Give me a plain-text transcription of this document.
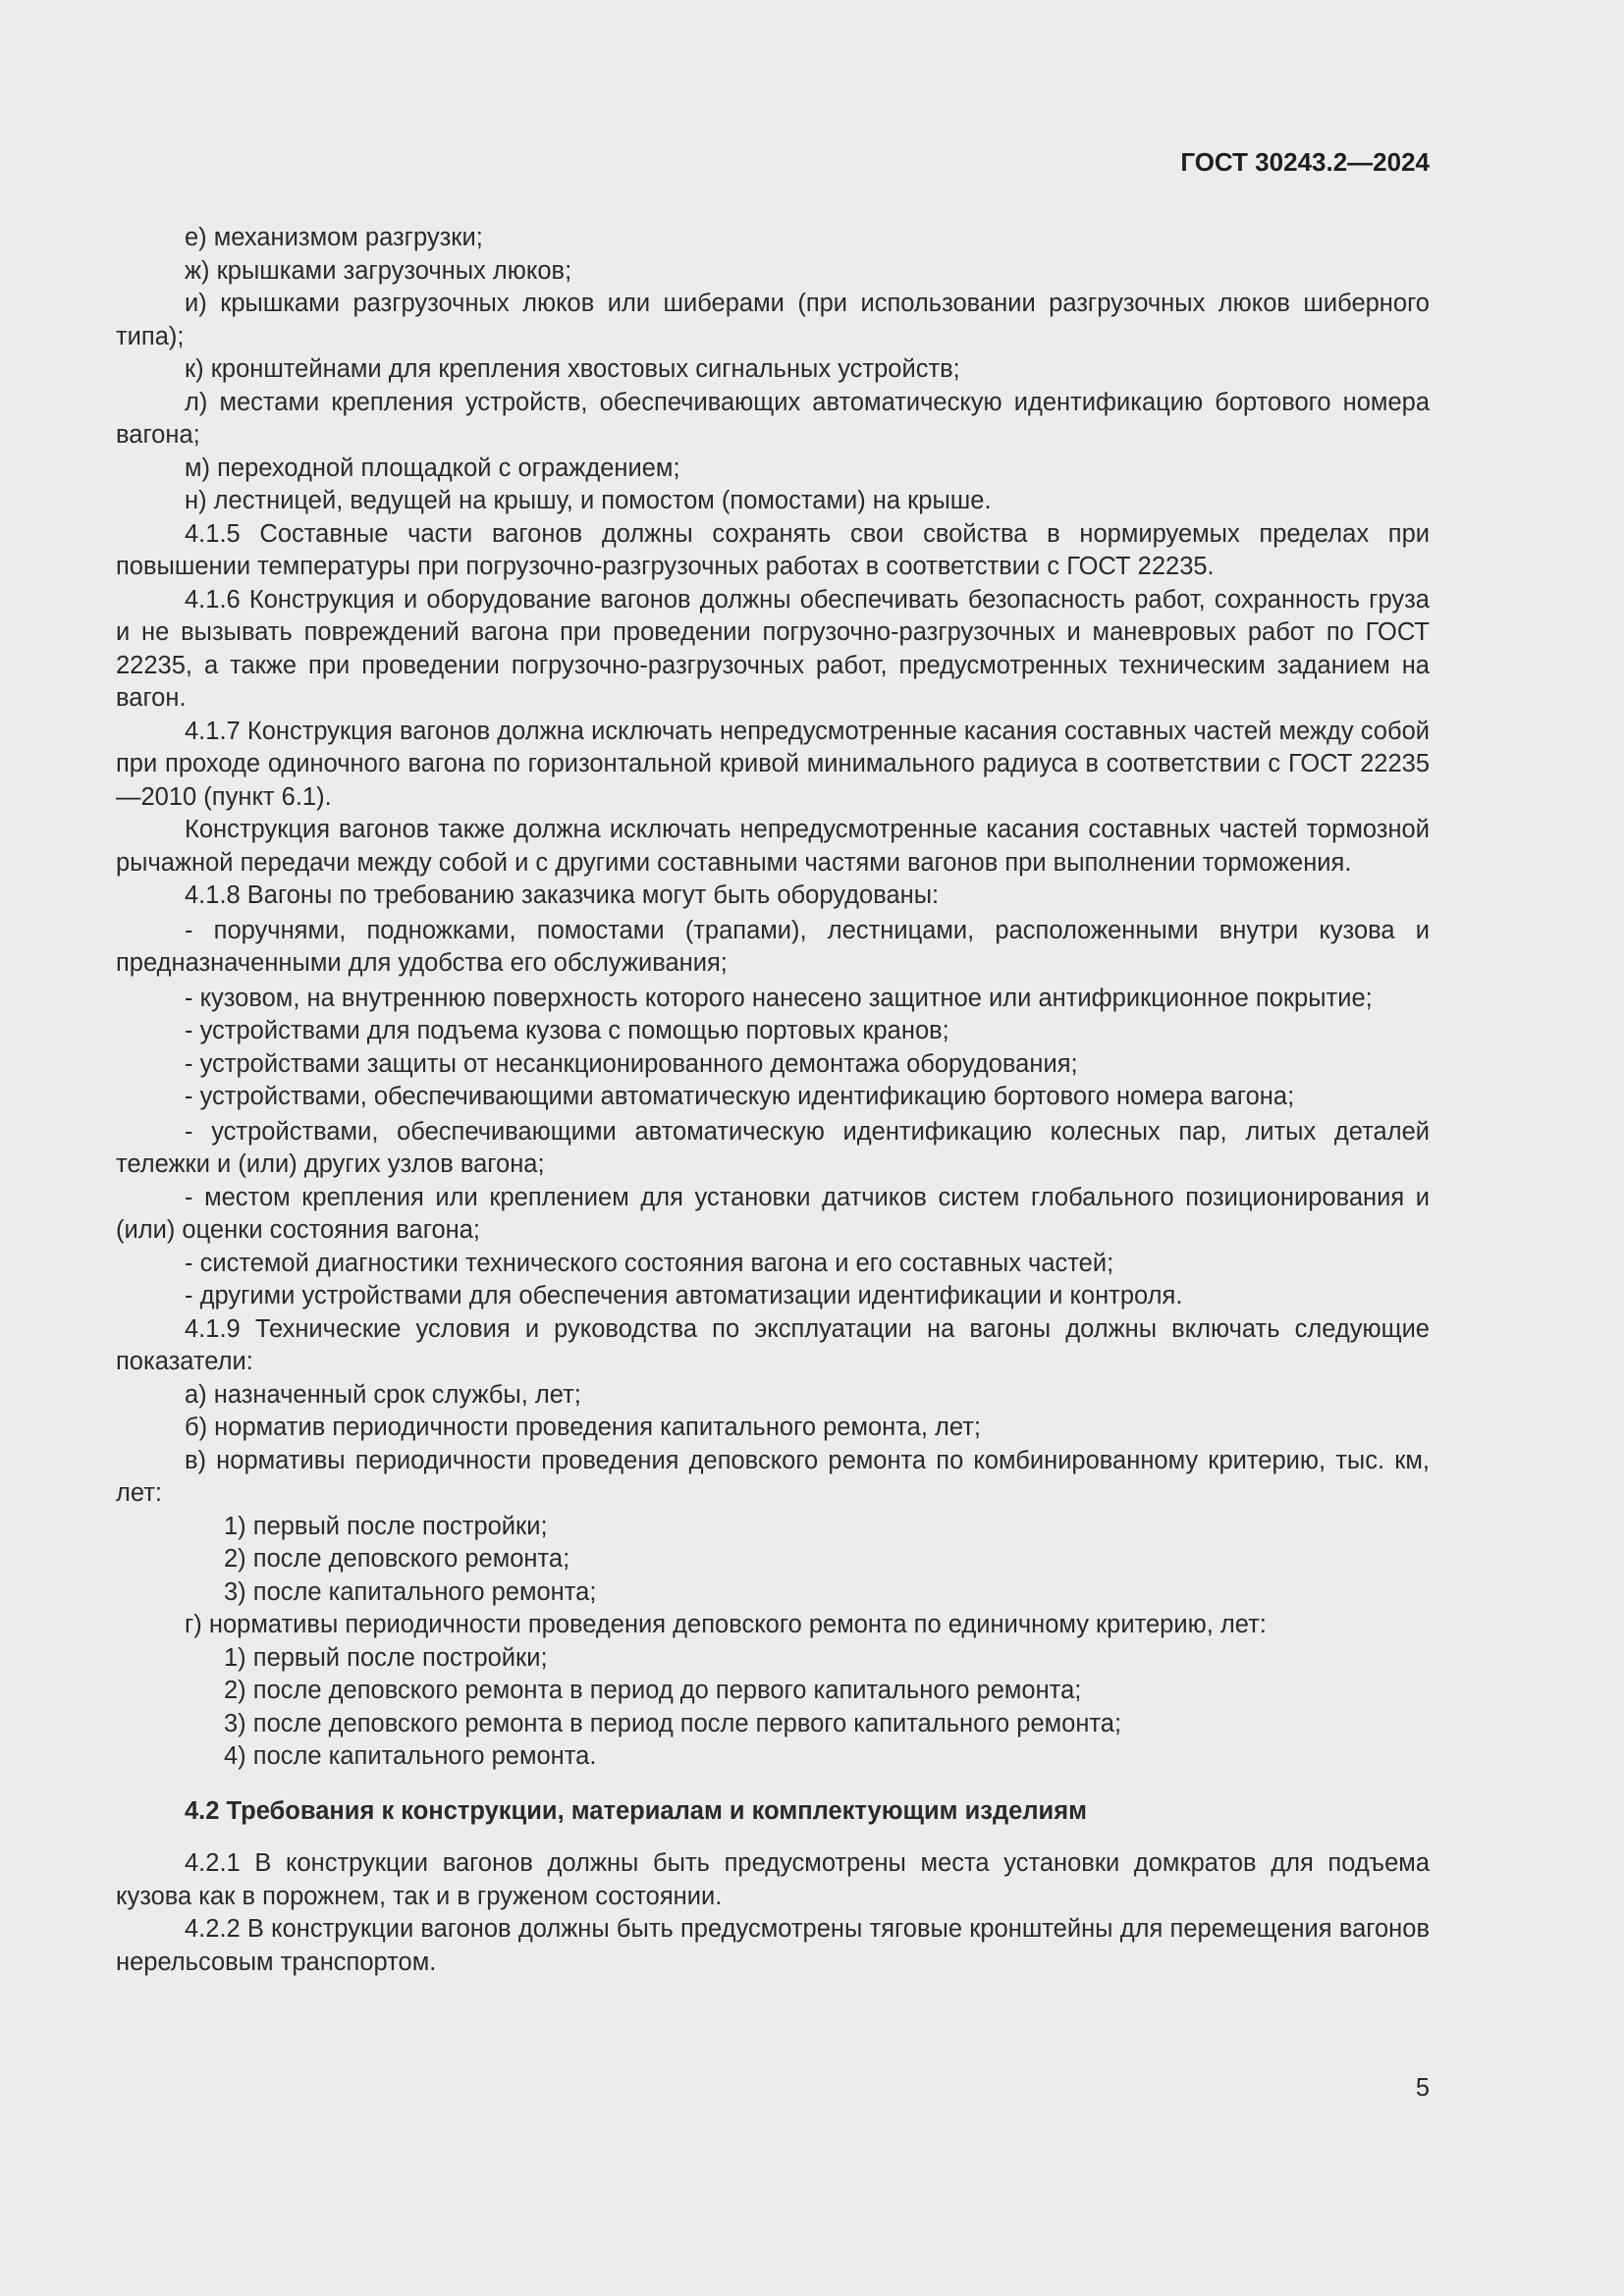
ГОСТ 30243.2—2024

е) механизмом разгрузки;

ж) крышками загрузочных люков;

и) крышками разгрузочных люков или шиберами (при использовании разгрузочных люков шиберного типа);

к) кронштейнами для крепления хвостовых сигнальных устройств;

л) местами крепления устройств, обеспечивающих автоматическую идентификацию бортового номера вагона;

м) переходной площадкой с ограждением;

н) лестницей, ведущей на крышу, и помостом (помостами) на крыше.

4.1.5 Составные части вагонов должны сохранять свои свойства в нормируемых пределах при повышении температуры при погрузочно-разгрузочных работах в соответствии с ГОСТ 22235.

4.1.6 Конструкция и оборудование вагонов должны обеспечивать безопасность работ, сохранность груза и не вызывать повреждений вагона при проведении погрузочно-разгрузочных и маневровых работ по ГОСТ 22235, а также при проведении погрузочно-разгрузочных работ, предусмотренных техническим заданием на вагон.

4.1.7 Конструкция вагонов должна исключать непредусмотренные касания составных частей между собой при проходе одиночного вагона по горизонтальной кривой минимального радиуса в соответствии с ГОСТ 22235—2010 (пункт 6.1).

Конструкция вагонов также должна исключать непредусмотренные касания составных частей тормозной рычажной передачи между собой и с другими составными частями вагонов при выполнении торможения.

4.1.8 Вагоны по требованию заказчика могут быть оборудованы:

- поручнями, подножками, помостами (трапами), лестницами, расположенными внутри кузова и предназначенными для удобства его обслуживания;

- кузовом, на внутреннюю поверхность которого нанесено защитное или антифрикционное покрытие;

- устройствами для подъема кузова с помощью портовых кранов;

- устройствами защиты от несанкционированного демонтажа оборудования;

- устройствами, обеспечивающими автоматическую идентификацию бортового номера вагона;

- устройствами, обеспечивающими автоматическую идентификацию колесных пар, литых деталей тележки и (или) других узлов вагона;

- местом крепления или креплением для установки датчиков систем глобального позиционирования и (или) оценки состояния вагона;

- системой диагностики технического состояния вагона и его составных частей;

- другими устройствами для обеспечения автоматизации идентификации и контроля.

4.1.9 Технические условия и руководства по эксплуатации на вагоны должны включать следующие показатели:

а) назначенный срок службы, лет;

б) норматив периодичности проведения капитального ремонта, лет;

в) нормативы периодичности проведения деповского ремонта по комбинированному критерию, тыс. км, лет:

1) первый после постройки;

2) после деповского ремонта;

3) после капитального ремонта;

г) нормативы периодичности проведения деповского ремонта по единичному критерию, лет:

1) первый после постройки;

2) после деповского ремонта в период до первого капитального ремонта;

3) после деповского ремонта в период после первого капитального ремонта;

4) после капитального ремонта.

4.2 Требования к конструкции, материалам и комплектующим изделиям

4.2.1 В конструкции вагонов должны быть предусмотрены места установки домкратов для подъема кузова как в порожнем, так и в груженом состоянии.

4.2.2 В конструкции вагонов должны быть предусмотрены тяговые кронштейны для перемещения вагонов нерельсовым транспортом.

5
